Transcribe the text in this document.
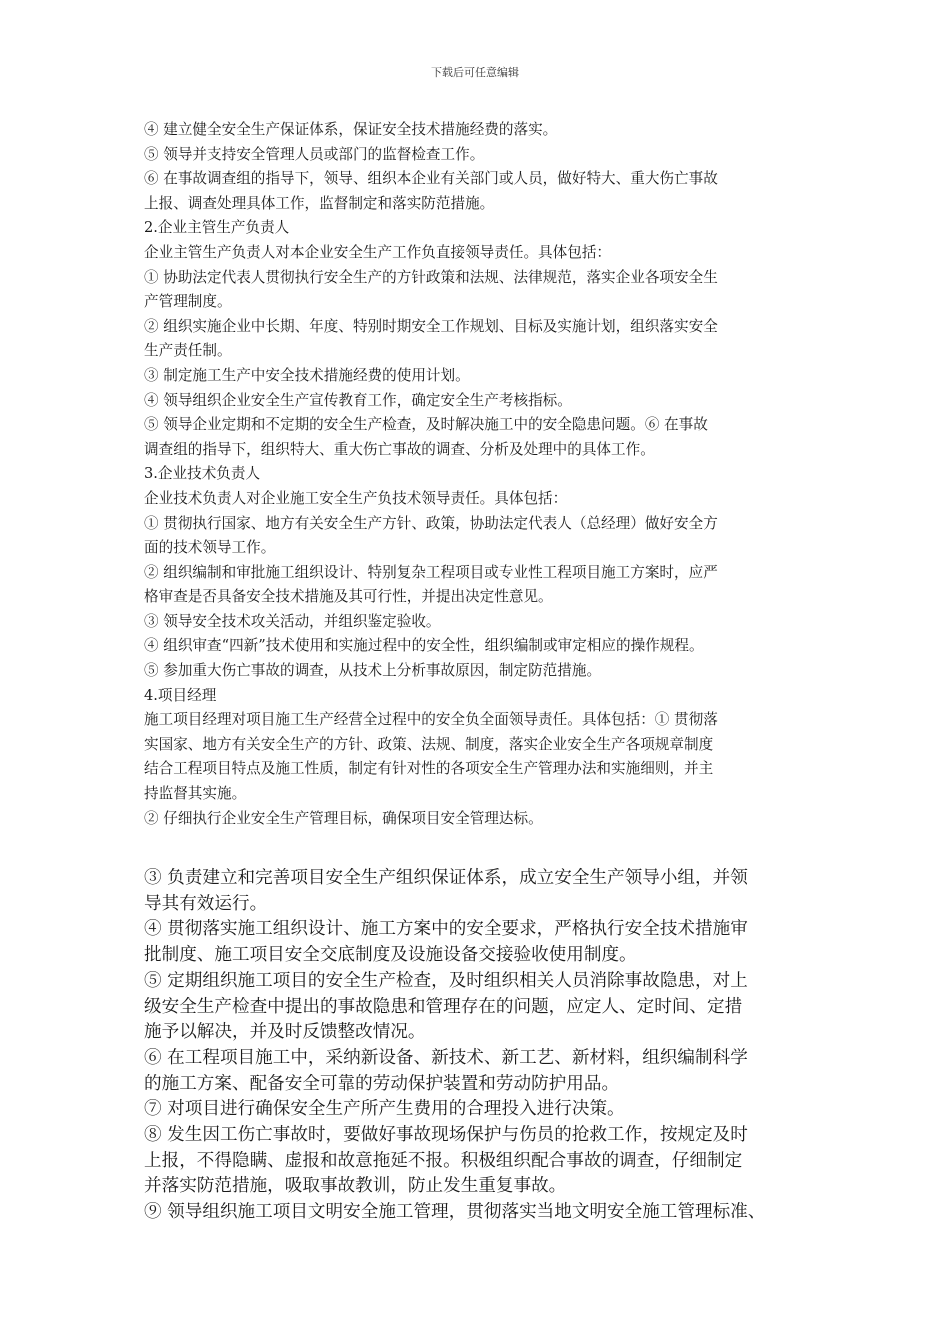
下载后可任意编辑
④ 建立健全安全生产保证体系，保证安全技术措施经费的落实。
⑤ 领导并支持安全管理人员或部门的监督检查工作。
⑥ 在事故调查组的指导下，领导、组织本企业有关部门或人员，做好特大、重大伤亡事故
上报、调查处理具体工作，监督制定和落实防范措施。
2.企业主管生产负责人
企业主管生产负责人对本企业安全生产工作负直接领导责任。具体包括：
① 协助法定代表人贯彻执行安全生产的方针政策和法规、法律规范，落实企业各项安全生
产管理制度。
② 组织实施企业中长期、年度、特别时期安全工作规划、目标及实施计划，组织落实安全
生产责任制。
③ 制定施工生产中安全技术措施经费的使用计划。
④ 领导组织企业安全生产宣传教育工作，确定安全生产考核指标。
⑤ 领导企业定期和不定期的安全生产检查，及时解决施工中的安全隐患问题。⑥ 在事故
调查组的指导下，组织特大、重大伤亡事故的调查、分析及处理中的具体工作。
3.企业技术负责人
企业技术负责人对企业施工安全生产负技术领导责任。具体包括：
① 贯彻执行国家、地方有关安全生产方针、政策，协助法定代表人（总经理）做好安全方
面的技术领导工作。
② 组织编制和审批施工组织设计、特别复杂工程项目或专业性工程项目施工方案时，应严
格审查是否具备安全技术措施及其可行性，并提出决定性意见。
③ 领导安全技术攻关活动，并组织鉴定验收。
④ 组织审查“四新”技术使用和实施过程中的安全性，组织编制或审定相应的操作规程。
⑤ 参加重大伤亡事故的调查，从技术上分析事故原因，制定防范措施。
4.项目经理
施工项目经理对项目施工生产经营全过程中的安全负全面领导责任。具体包括：① 贯彻落
实国家、地方有关安全生产的方针、政策、法规、制度，落实企业安全生产各项规章制度
结合工程项目特点及施工性质，制定有针对性的各项安全生产管理办法和实施细则，并主
持监督其实施。
② 仔细执行企业安全生产管理目标，确保项目安全管理达标。
③ 负责建立和完善项目安全生产组织保证体系，成立安全生产领导小组，并领
导其有效运行。
④ 贯彻落实施工组织设计、施工方案中的安全要求，严格执行安全技术措施审
批制度、施工项目安全交底制度及设施设备交接验收使用制度。
⑤ 定期组织施工项目的安全生产检查，及时组织相关人员消除事故隐患，对上
级安全生产检查中提出的事故隐患和管理存在的问题，应定人、定时间、定措
施予以解决，并及时反馈整改情况。
⑥ 在工程项目施工中，采纳新设备、新技术、新工艺、新材料，组织编制科学
的施工方案、配备安全可靠的劳动保护装置和劳动防护用品。
⑦ 对项目进行确保安全生产所产生费用的合理投入进行决策。
⑧ 发生因工伤亡事故时，要做好事故现场保护与伤员的抢救工作，按规定及时
上报，不得隐瞒、虚报和故意拖延不报。积极组织配合事故的调查，仔细制定
并落实防范措施，吸取事故教训，防止发生重复事故。
⑨ 领导组织施工项目文明安全施工管理，贯彻落实当地文明安全施工管理标准、
